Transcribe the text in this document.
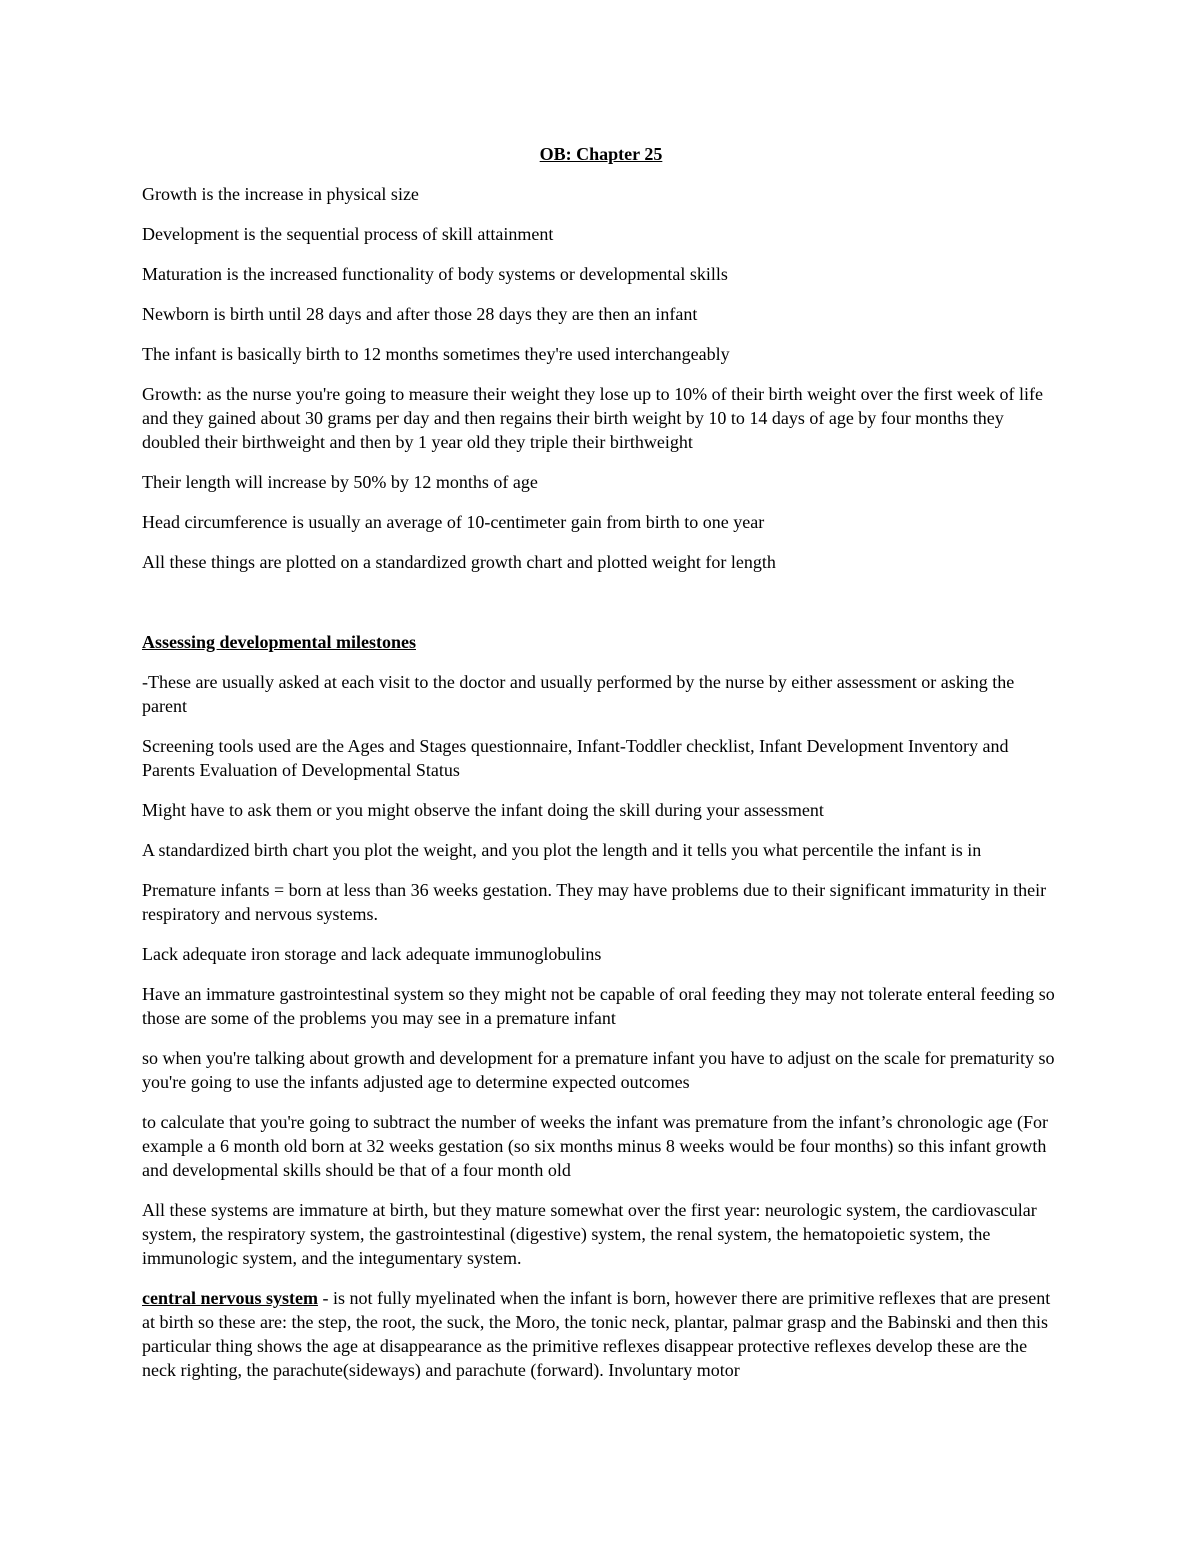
OB: Chapter 25

Growth is the increase in physical size

Development is the sequential process of skill attainment

Maturation is the increased functionality of body systems or developmental skills

Newborn is birth until 28 days and after those 28 days they are then an infant

The infant is basically birth to 12 months sometimes they're used interchangeably

Growth: as the nurse you're going to measure their weight they lose up to 10% of their birth weight over the first week of life and they gained about 30 grams per day and then regains their birth weight by 10 to 14 days of age by four months they doubled their birthweight and then by 1 year old they triple their birthweight

Their length will increase by 50% by 12 months of age

Head circumference is usually an average of 10-centimeter gain from birth to one year

All these things are plotted on a standardized growth chart and plotted weight for length

Assessing developmental milestones

-These are usually asked at each visit to the doctor and usually performed by the nurse by either assessment or asking the parent

Screening tools used are the Ages and Stages questionnaire, Infant-Toddler checklist, Infant Development Inventory and Parents Evaluation of Developmental Status

Might have to ask them or you might observe the infant doing the skill during your assessment

A standardized birth chart you plot the weight, and you plot the length and it tells you what percentile the infant is in

Premature infants = born at less than 36 weeks gestation. They may have problems due to their significant immaturity in their respiratory and nervous systems.

Lack adequate iron storage and lack adequate immunoglobulins

Have an immature gastrointestinal system so they might not be capable of oral feeding they may not tolerate enteral feeding so those are some of the problems you may see in a premature infant

so when you're talking about growth and development for a premature infant you have to adjust on the scale for prematurity so you're going to use the infants adjusted age to determine expected outcomes

to calculate that you're going to subtract the number of weeks the infant was premature from the infant’s chronologic age (For example a 6 month old born at 32 weeks gestation (so six months minus 8 weeks would be four months) so this infant growth and developmental skills should be that of a four month old

All these systems are immature at birth, but they mature somewhat over the first year: neurologic system, the cardiovascular system, the respiratory system, the gastrointestinal (digestive) system, the renal system, the hematopoietic system, the immunologic system, and the integumentary system.

central nervous system - is not fully myelinated when the infant is born, however there are primitive reflexes that are present at birth so these are: the step, the root, the suck, the Moro, the tonic neck, plantar, palmar grasp and the Babinski and then this particular thing shows the age at disappearance as the primitive reflexes disappear protective reflexes develop these are the neck righting, the parachute(sideways) and parachute (forward). Involuntary motor
